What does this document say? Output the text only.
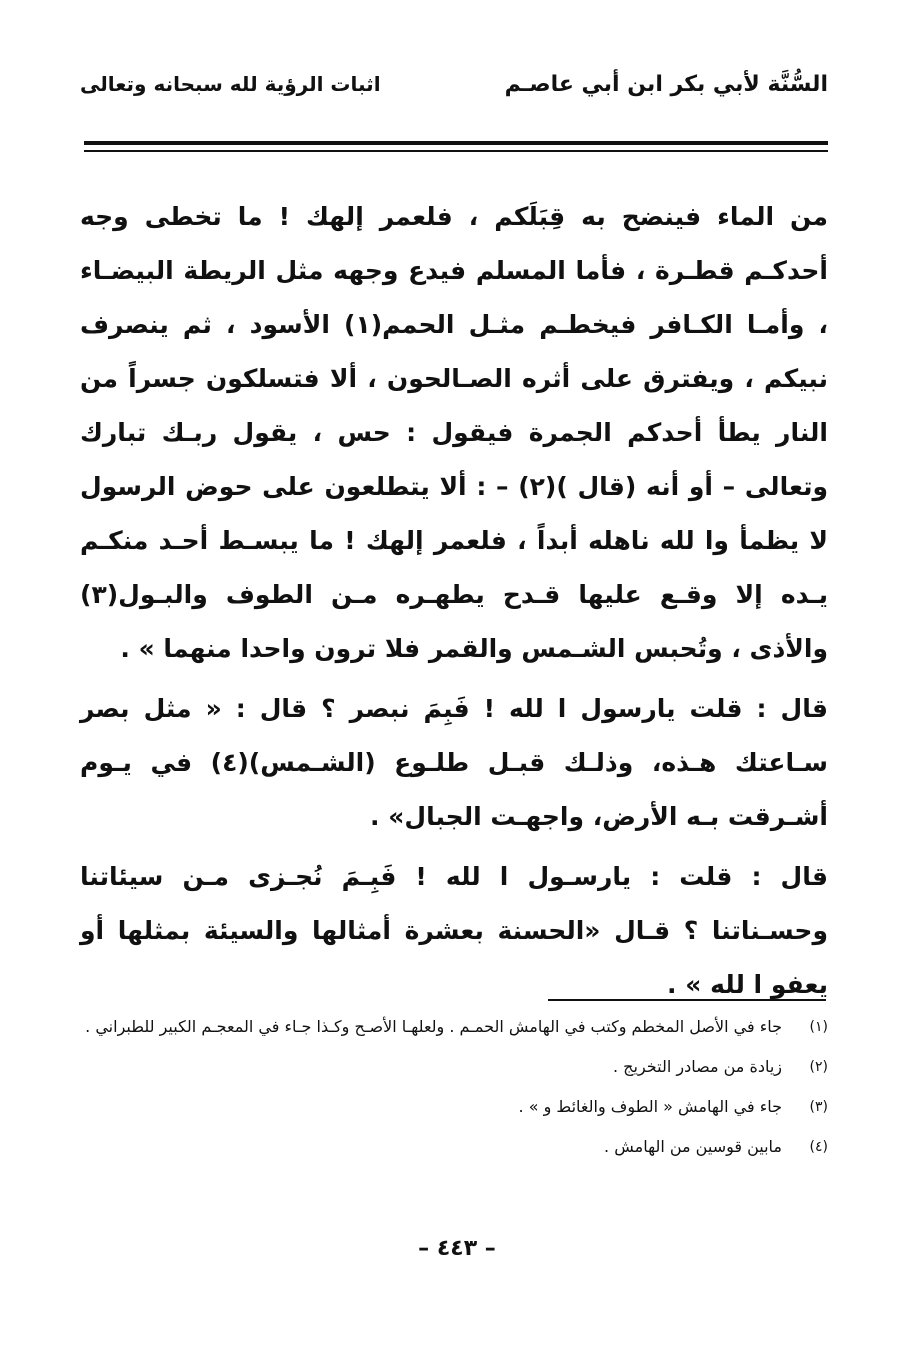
السُّنَّة لأبي بكر ابن أبي عاصـم
اثبات الرؤية لله سبحانه وتعالى

من الماء فينضح به قِبَلَكم ، فلعمر إلهك ! ما تخطى وجه أحدكـم قطـرة ، فأما المسلم فيدع وجهه مثل الريطة البيضـاء ، وأمـا الكـافر فيخطـم مثـل الحمم(١) الأسود ، ثم ينصرف نبيكم ، ويفترق على أثره الصـالحون ، ألا فتسلكون جسراً من النار يطأ أحدكم الجمرة فيقول : حس ، يقول ربـك تبارك وتعالى – أو أنه (قال )(٢) – : ألا يتطلعون على حوض الرسول لا يظمأ وا لله ناهله أبداً ، فلعمر إلهك ! ما يبسـط أحـد منكـم يـده إلا وقـع عليها قـدح يطهـره مـن الطوف والبـول(٣) والأذى ، وتُحبس الشـمس والقمر فلا ترون واحدا منهما » .

قال : قلت يارسول ا لله ! فَبِمَ نبصر ؟ قال : « مثل بصر سـاعتك هـذه، وذلـك قبـل طلـوع (الشـمس)(٤) في يـوم أشـرقت بـه الأرض، واجهـت الجبال» .

قال : قلت : يارسـول ا لله ! فَبِـمَ نُجـزى مـن سيئاتنا وحسـناتنا ؟ قـال «الحسنة بعشرة أمثالها والسيئة بمثلها أو يعفو ا لله » .

(١)
جاء في الأصل المخطم وكتب في الهامش الحمـم . ولعلهـا الأصـح وكـذا جـاء في المعجـم الكبير للطبراني .
(٢)
زيادة من مصادر التخريج .
(٣)
جاء في الهامش « الطوف والغائط و » .
(٤)
مابين قوسين من الهامش .
– ٤٤٣ –
